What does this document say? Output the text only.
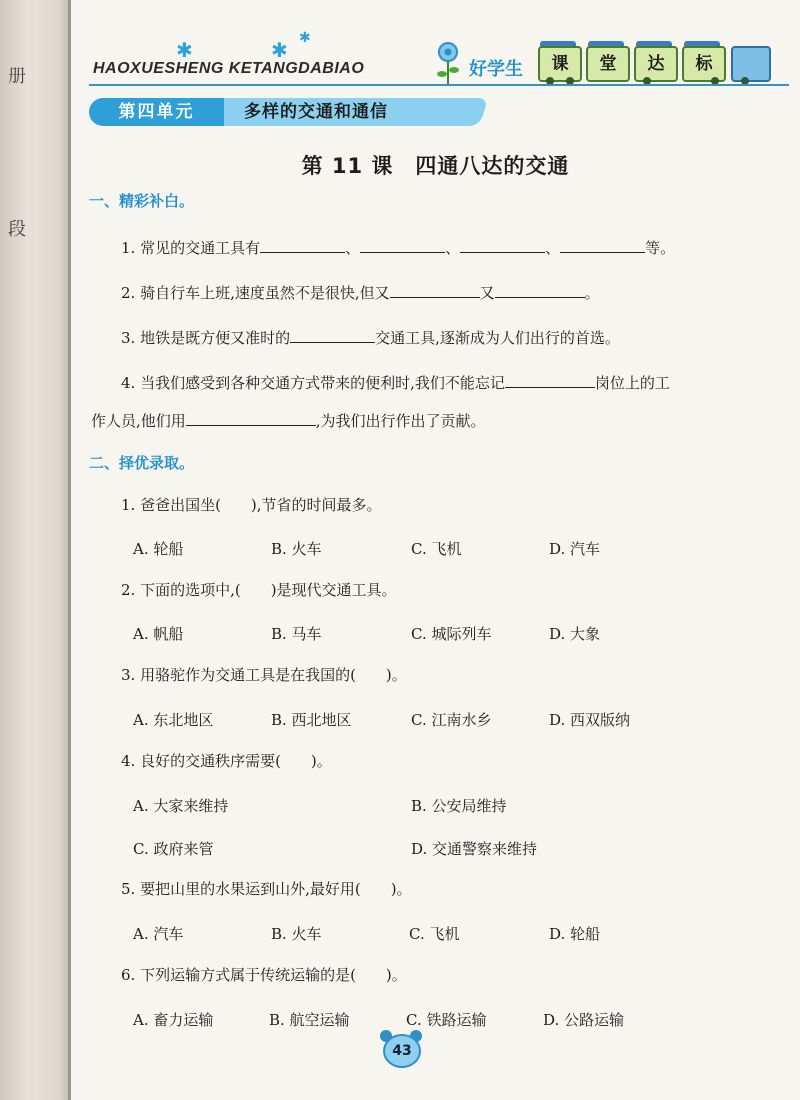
册
段
HAOXUESHENG KETANGDABIAO
✱	✱ ✱
好学生	课	堂	达	标
第四单元	多样的交通和通信
第 11 课　四通八达的交通
一、精彩补白。
1. 常见的交通工具有	、	、	、	等。
2. 骑自行车上班,速度虽然不是很快,但又	又	。
3. 地铁是既方便又准时的	交通工具,逐渐成为人们出行的首选。
4. 当我们感受到各种交通方式带来的便利时,我们不能忘记	岗位上的工
作人员,他们用	,为我们出行作出了贡献。
二、择优录取。
1. 爸爸出国坐(　　),节省的时间最多。
A. 轮船	B. 火车	C. 飞机	D. 汽车
2. 下面的选项中,(　　)是现代交通工具。
A. 帆船	B. 马车	C. 城际列车	D. 大象
3. 用骆驼作为交通工具是在我国的(　　)。
A. 东北地区	B. 西北地区	C. 江南水乡	D. 西双版纳
4. 良好的交通秩序需要(　　)。
A. 大家来维持	B. 公安局维持
C. 政府来管	D. 交通警察来维持
5. 要把山里的水果运到山外,最好用(　　)。
A. 汽车	B. 火车	C. 飞机	D. 轮船
6. 下列运输方式属于传统运输的是(　　)。
A. 畜力运输	B. 航空运输	C. 铁路运输	D. 公路运输
43
